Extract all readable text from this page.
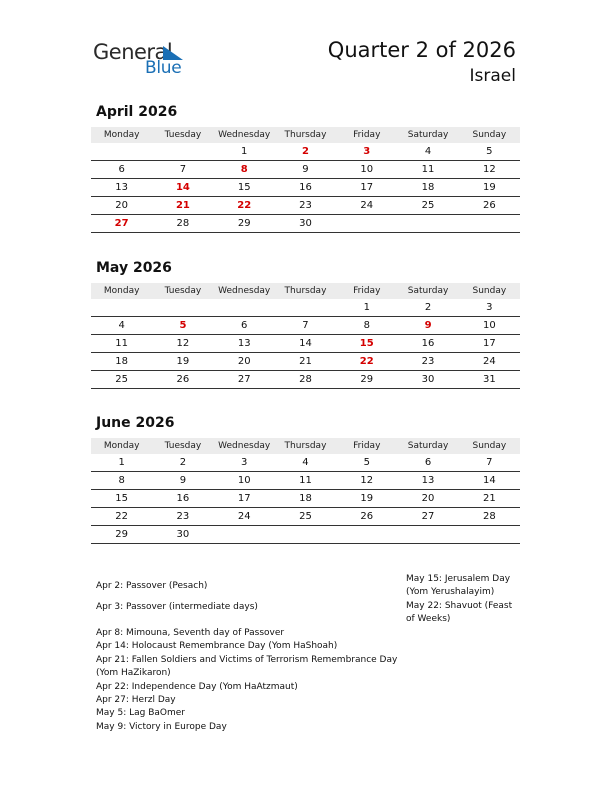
General
Blue
Quarter 2 of 2026
Israel
April 2026
Monday	Tuesday	Wednesday	Thursday	Friday	Saturday	Sunday
		1	2	3	4	5
6	7	8	9	10	11	12
13	14	15	16	17	18	19
20	21	22	23	24	25	26
27	28	29	30			
May 2026
Monday	Tuesday	Wednesday	Thursday	Friday	Saturday	Sunday
				1	2	3
4	5	6	7	8	9	10
11	12	13	14	15	16	17
18	19	20	21	22	23	24
25	26	27	28	29	30	31
June 2026
Monday	Tuesday	Wednesday	Thursday	Friday	Saturday	Sunday
1	2	3	4	5	6	7
8	9	10	11	12	13	14
15	16	17	18	19	20	21
22	23	24	25	26	27	28
29	30					
Apr 2: Passover (Pesach)
Apr 3: Passover (intermediate days)
Apr 8: Mimouna, Seventh day of Passover
Apr 14: Holocaust Remembrance Day (Yom HaShoah)
Apr 21: Fallen Soldiers and Victims of Terrorism Remembrance Day
(Yom HaZikaron)
Apr 22: Independence Day (Yom HaAtzmaut)
Apr 27: Herzl Day
May 5: Lag BaOmer
May 9: Victory in Europe Day
May 15: Jerusalem Day
(Yom Yerushalayim)
May 22: Shavuot (Feast
of Weeks)
